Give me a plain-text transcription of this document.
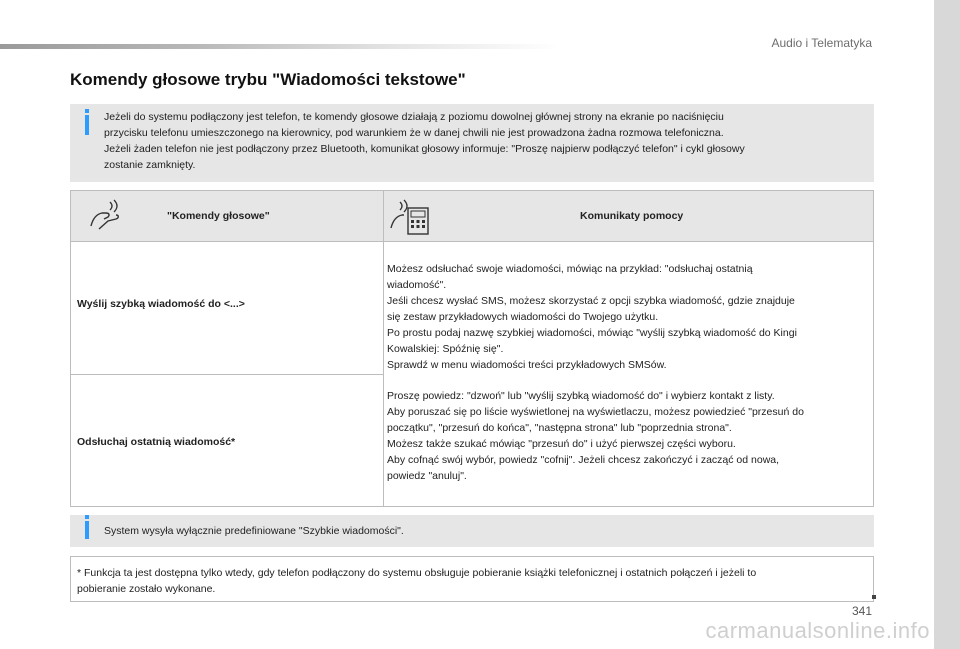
Audio i Telematyka
Komendy głosowe trybu "Wiadomości tekstowe"
Jeżeli do systemu podłączony jest telefon, te komendy głosowe działają z poziomu dowolnej głównej strony na ekranie po naciśnięciu
przycisku telefonu umieszczonego na kierownicy, pod warunkiem że w danej chwili nie jest prowadzona żadna rozmowa telefoniczna.
Jeżeli żaden telefon nie jest podłączony przez Bluetooth, komunikat głosowy informuje: "Proszę najpierw podłączyć telefon" i cykl głosowy
zostanie zamknięty.
"Komendy głosowe"	Komunikaty pomocy
Wyślij szybką wiadomość do <...>
Możesz odsłuchać swoje wiadomości, mówiąc na przykład: "odsłuchaj ostatnią
wiadomość".
Jeśli chcesz wysłać SMS, możesz skorzystać z opcji szybka wiadomość, gdzie znajduje
się zestaw przykładowych wiadomości do Twojego użytku.
Po prostu podaj nazwę szybkiej wiadomości, mówiąc "wyślij szybką wiadomość do Kingi
Kowalskiej: Spóźnię się".
Sprawdź w menu wiadomości treści przykładowych SMSów.
Odsłuchaj ostatnią wiadomość*
Proszę powiedz: "dzwoń" lub "wyślij szybką wiadomość do" i wybierz kontakt z listy.
Aby poruszać się po liście wyświetlonej na wyświetlaczu, możesz powiedzieć "przesuń do
początku", "przesuń do końca", "następna strona" lub "poprzednia strona".
Możesz także szukać mówiąc "przesuń do" i użyć pierwszej części wyboru.
Aby cofnąć swój wybór, powiedz "cofnij". Jeżeli chcesz zakończyć i zacząć od nowa,
powiedz "anuluj".
System wysyła wyłącznie predefiniowane "Szybkie wiadomości".
* Funkcja ta jest dostępna tylko wtedy, gdy telefon podłączony do systemu obsługuje pobieranie książki telefonicznej i ostatnich połączeń i jeżeli to
pobieranie zostało wykonane.
341
carmanualsonline.info
